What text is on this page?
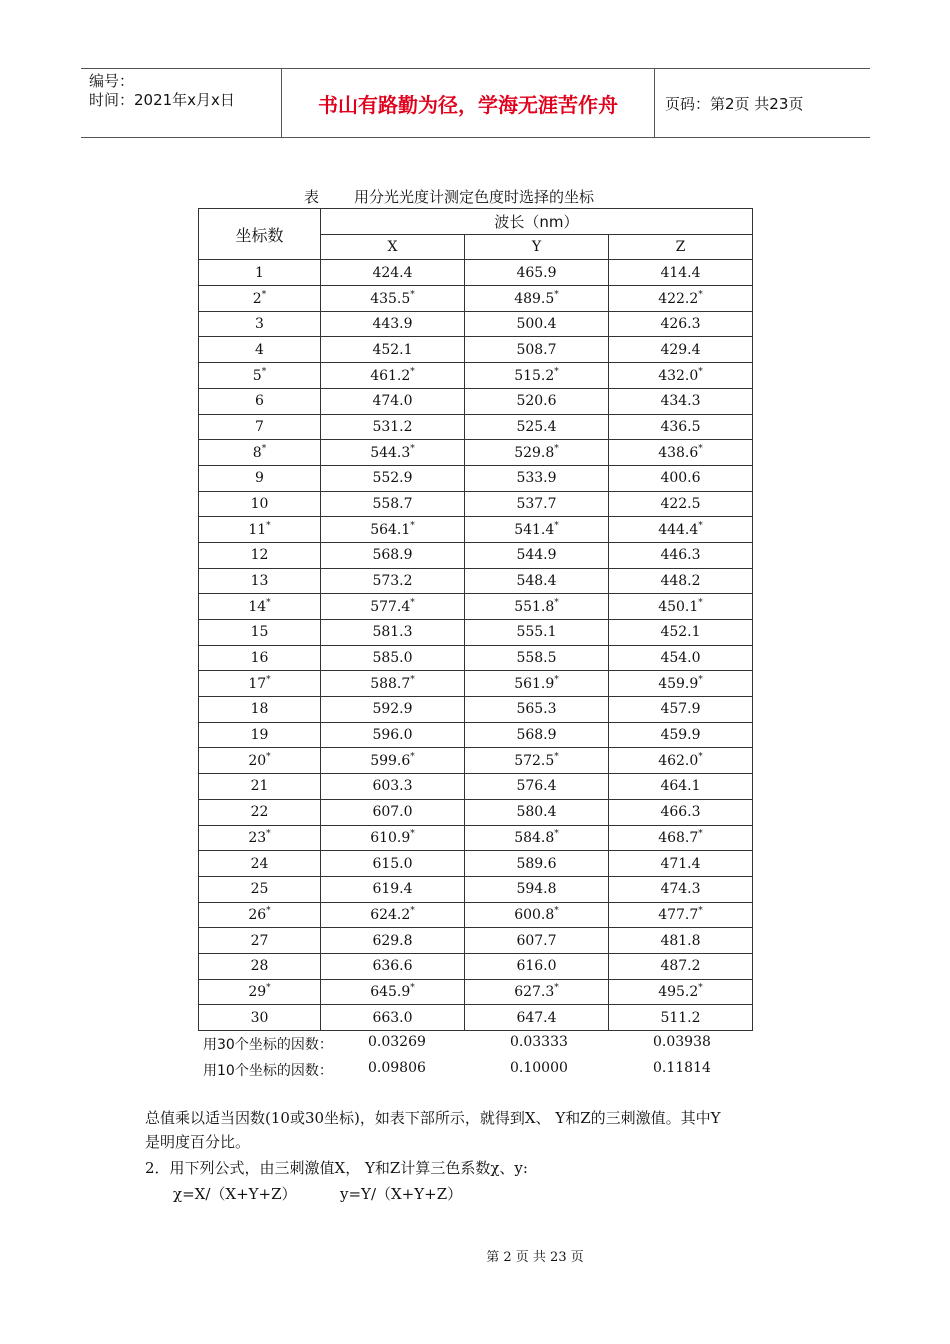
编号：
时间：2021年x月x日	书山有路勤为径，学海无涯苦作舟	页码：第2页 共23页
表 用分光光度计测定色度时选择的坐标
坐标数	波长（nm）		
	X	Y	Z
1	424.4	465.9	414.4
2*	435.5*	489.5*	422.2*
3	443.9	500.4	426.3
4	452.1	508.7	429.4
5*	461.2*	515.2*	432.0*
6	474.0	520.6	434.3
7	531.2	525.4	436.5
8*	544.3*	529.8*	438.6*
9	552.9	533.9	400.6
10	558.7	537.7	422.5
11*	564.1*	541.4*	444.4*
12	568.9	544.9	446.3
13	573.2	548.4	448.2
14*	577.4*	551.8*	450.1*
15	581.3	555.1	452.1
16	585.0	558.5	454.0
17*	588.7*	561.9*	459.9*
18	592.9	565.3	457.9
19	596.0	568.9	459.9
20*	599.6*	572.5*	462.0*
21	603.3	576.4	464.1
22	607.0	580.4	466.3
23*	610.9*	584.8*	468.7*
24	615.0	589.6	471.4
25	619.4	594.8	474.3
26*	624.2*	600.8*	477.7*
27	629.8	607.7	481.8
28	636.6	616.0	487.2
29*	645.9*	627.3*	495.2*
30	663.0	647.4	511.2
用30个坐标的因数：	0.03269	0.03333	0.03938
用10个坐标的因数：	0.09806	0.10000	0.11814
总值乘以适当因数(10或30坐标)，如表下部所示，就得到X、 Y和Z的三刺激值。其中Y
是明度百分比。
2．用下列公式，由三刺激值X， Y和Z计算三色系数χ、y:
χ=X/（X+Y+Z）	y=Y/（X+Y+Z）
第 2 页 共 23 页
